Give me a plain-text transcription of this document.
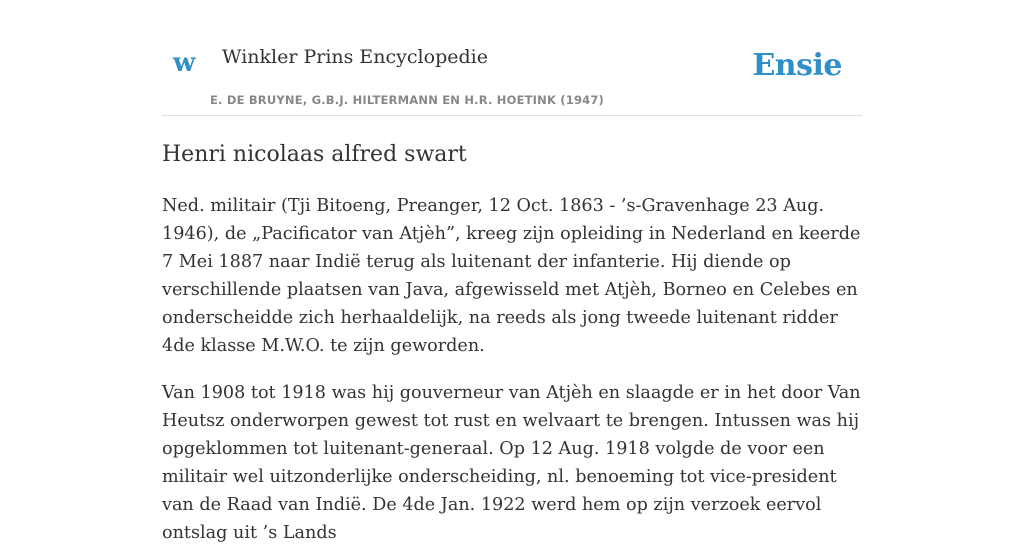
w Winkler Prins Encyclopedie
E. DE BRUYNE, G.B.J. HILTERMANN EN H.R. HOETINK (1947)
Ensie
Henri nicolaas alfred swart

Ned. militair (Tji Bitoeng, Preanger, 12 Oct. 1863 - ’s-Gravenhage 23 Aug. 1946), de „Pacificator van Atjèh”, kreeg zijn opleiding in Nederland en keerde 7 Mei 1887 naar Indië terug als luitenant der infanterie. Hij diende op verschillende plaatsen van Java, afgewisseld met Atjèh, Borneo en Celebes en onderscheidde zich herhaaldelijk, na reeds als jong tweede luitenant ridder 4de klasse M.W.O. te zijn geworden.

Van 1908 tot 1918 was hij gouverneur van Atjèh en slaagde er in het door Van Heutsz onderworpen gewest tot rust en welvaart te brengen. Intussen was hij opgeklommen tot luitenant-generaal. Op 12 Aug. 1918 volgde de voor een militair wel uitzonderlijke onderscheiding, nl. benoeming tot vice-president van de Raad van Indië. De 4de Jan. 1922 werd hem op zijn verzoek eervol ontslag uit ’s Lands
